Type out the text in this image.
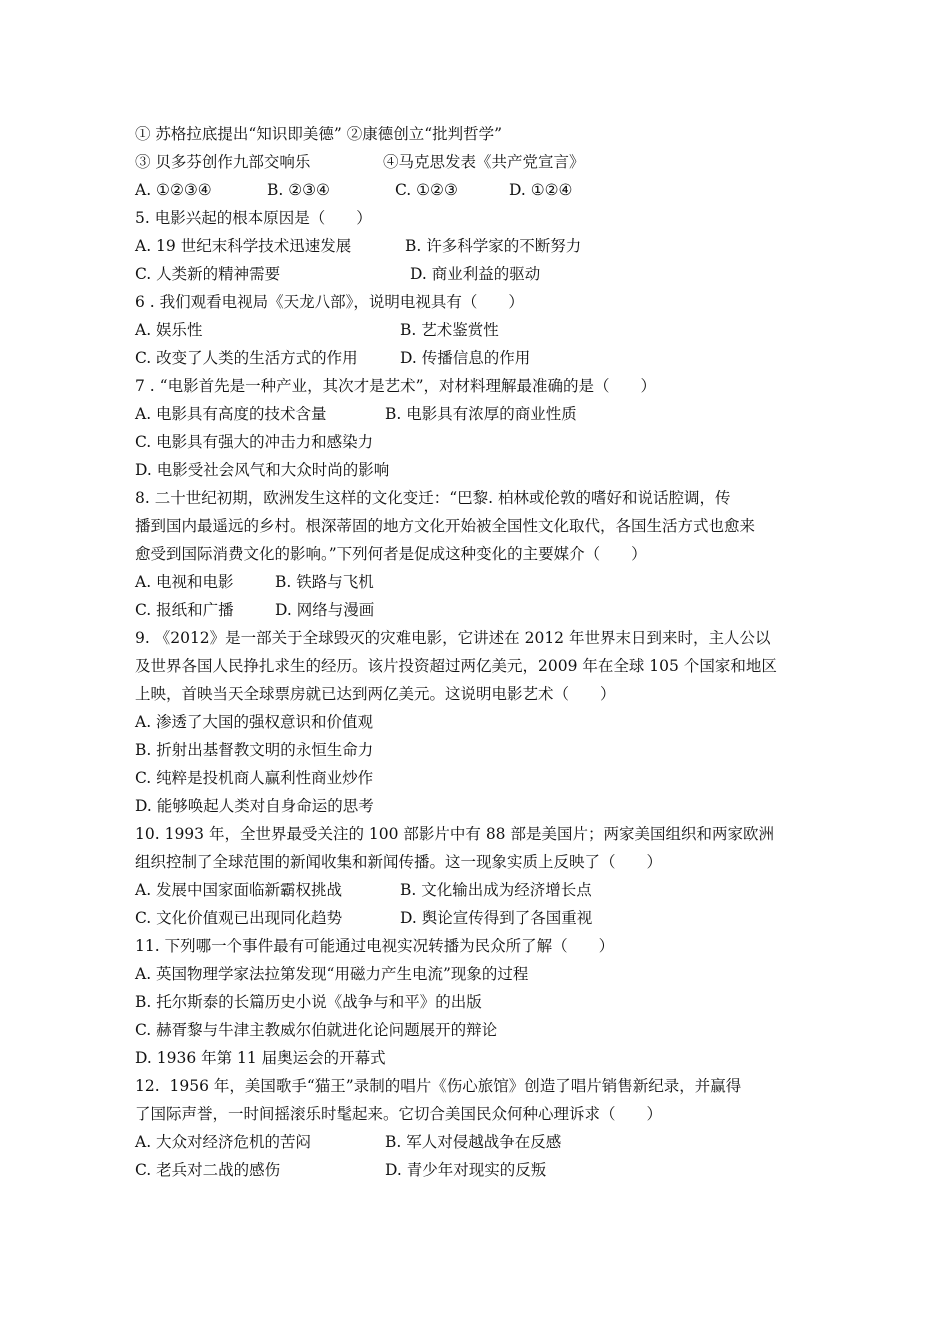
① 苏格拉底提出“知识即美德” ②康德创立“批判哲学”
③ 贝多芬创作九部交响乐	④马克思发表《共产党宣言》
A. ①②③④	B. ②③④	C. ①②③	D. ①②④
5. 电影兴起的根本原因是（　　）
A. 19 世纪末科学技术迅速发展	B. 许多科学家的不断努力
C. 人类新的精神需要	D. 商业利益的驱动
6 . 我们观看电视局《天龙八部》，说明电视具有（　　）
A. 娱乐性	B. 艺术鉴赏性
C. 改变了人类的生活方式的作用	D. 传播信息的作用
7 . “电影首先是一种产业，其次才是艺术”，对材料理解最准确的是（　　）
A. 电影具有高度的技术含量	B. 电影具有浓厚的商业性质
C. 电影具有强大的冲击力和感染力
D. 电影受社会风气和大众时尚的影响
8. 二十世纪初期，欧洲发生这样的文化变迁：“巴黎. 柏林或伦敦的嗜好和说话腔调，传
播到国内最遥远的乡村。根深蒂固的地方文化开始被全国性文化取代，各国生活方式也愈来
愈受到国际消费文化的影响。”下列何者是促成这种变化的主要媒介（　　）
A. 电视和电影	B. 铁路与飞机
C. 报纸和广播	D. 网络与漫画
9. 《2012》是一部关于全球毁灭的灾难电影，它讲述在 2012 年世界末日到来时，主人公以
及世界各国人民挣扎求生的经历。该片投资超过两亿美元，2009 年在全球 105 个国家和地区
上映，首映当天全球票房就已达到两亿美元。这说明电影艺术（　　）
A. 渗透了大国的强权意识和价值观
B. 折射出基督教文明的永恒生命力
C. 纯粹是投机商人赢利性商业炒作
D. 能够唤起人类对自身命运的思考
10. 1993 年，全世界最受关注的 100 部影片中有 88 部是美国片；两家美国组织和两家欧洲
组织控制了全球范围的新闻收集和新闻传播。这一现象实质上反映了（　　）
A. 发展中国家面临新霸权挑战	B. 文化输出成为经济增长点
C. 文化价值观已出现同化趋势	D. 舆论宣传得到了各国重视
11. 下列哪一个事件最有可能通过电视实况转播为民众所了解（　　）
A. 英国物理学家法拉第发现“用磁力产生电流”现象的过程
B. 托尔斯泰的长篇历史小说《战争与和平》的出版
C. 赫胥黎与牛津主教威尔伯就进化论问题展开的辩论
D. 1936 年第 11 届奥运会的开幕式
12.  1956 年，美国歌手“猫王”录制的唱片《伤心旅馆》创造了唱片销售新纪录，并赢得
了国际声誉，一时间摇滚乐时髦起来。它切合美国民众何种心理诉求（　　）
A. 大众对经济危机的苦闷	B. 军人对侵越战争在反感
C. 老兵对二战的感伤	D. 青少年对现实的反叛
